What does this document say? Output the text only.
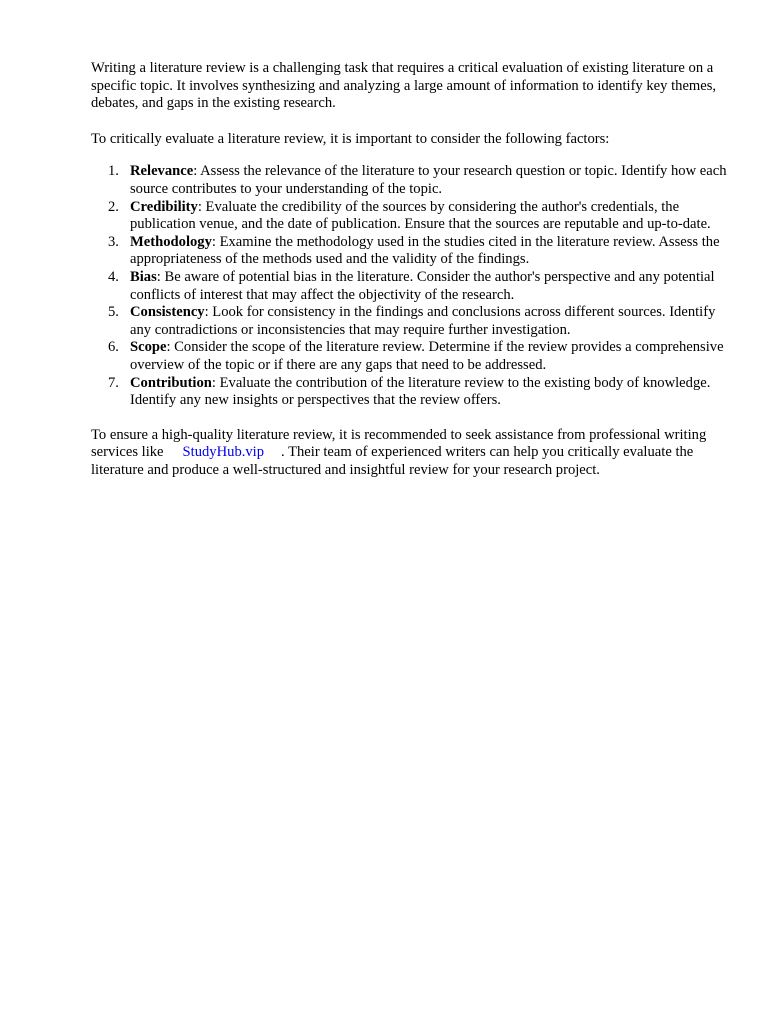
Writing a literature review is a challenging task that requires a critical evaluation of existing literature on a specific topic. It involves synthesizing and analyzing a large amount of information to identify key themes, debates, and gaps in the existing research.

To critically evaluate a literature review, it is important to consider the following factors:

1. Relevance: Assess the relevance of the literature to your research question or topic. Identify how each source contributes to your understanding of the topic.
2. Credibility: Evaluate the credibility of the sources by considering the author's credentials, the publication venue, and the date of publication. Ensure that the sources are reputable and up-to-date.
3. Methodology: Examine the methodology used in the studies cited in the literature review. Assess the appropriateness of the methods used and the validity of the findings.
4. Bias: Be aware of potential bias in the literature. Consider the author's perspective and any potential conflicts of interest that may affect the objectivity of the research.
5. Consistency: Look for consistency in the findings and conclusions across different sources. Identify any contradictions or inconsistencies that may require further investigation.
6. Scope: Consider the scope of the literature review. Determine if the review provides a comprehensive overview of the topic or if there are any gaps that need to be addressed.
7. Contribution: Evaluate the contribution of the literature review to the existing body of knowledge. Identify any new insights or perspectives that the review offers.

To ensure a high-quality literature review, it is recommended to seek assistance from professional writing services like StudyHub.vip . Their team of experienced writers can help you critically evaluate the literature and produce a well-structured and insightful review for your research project.
